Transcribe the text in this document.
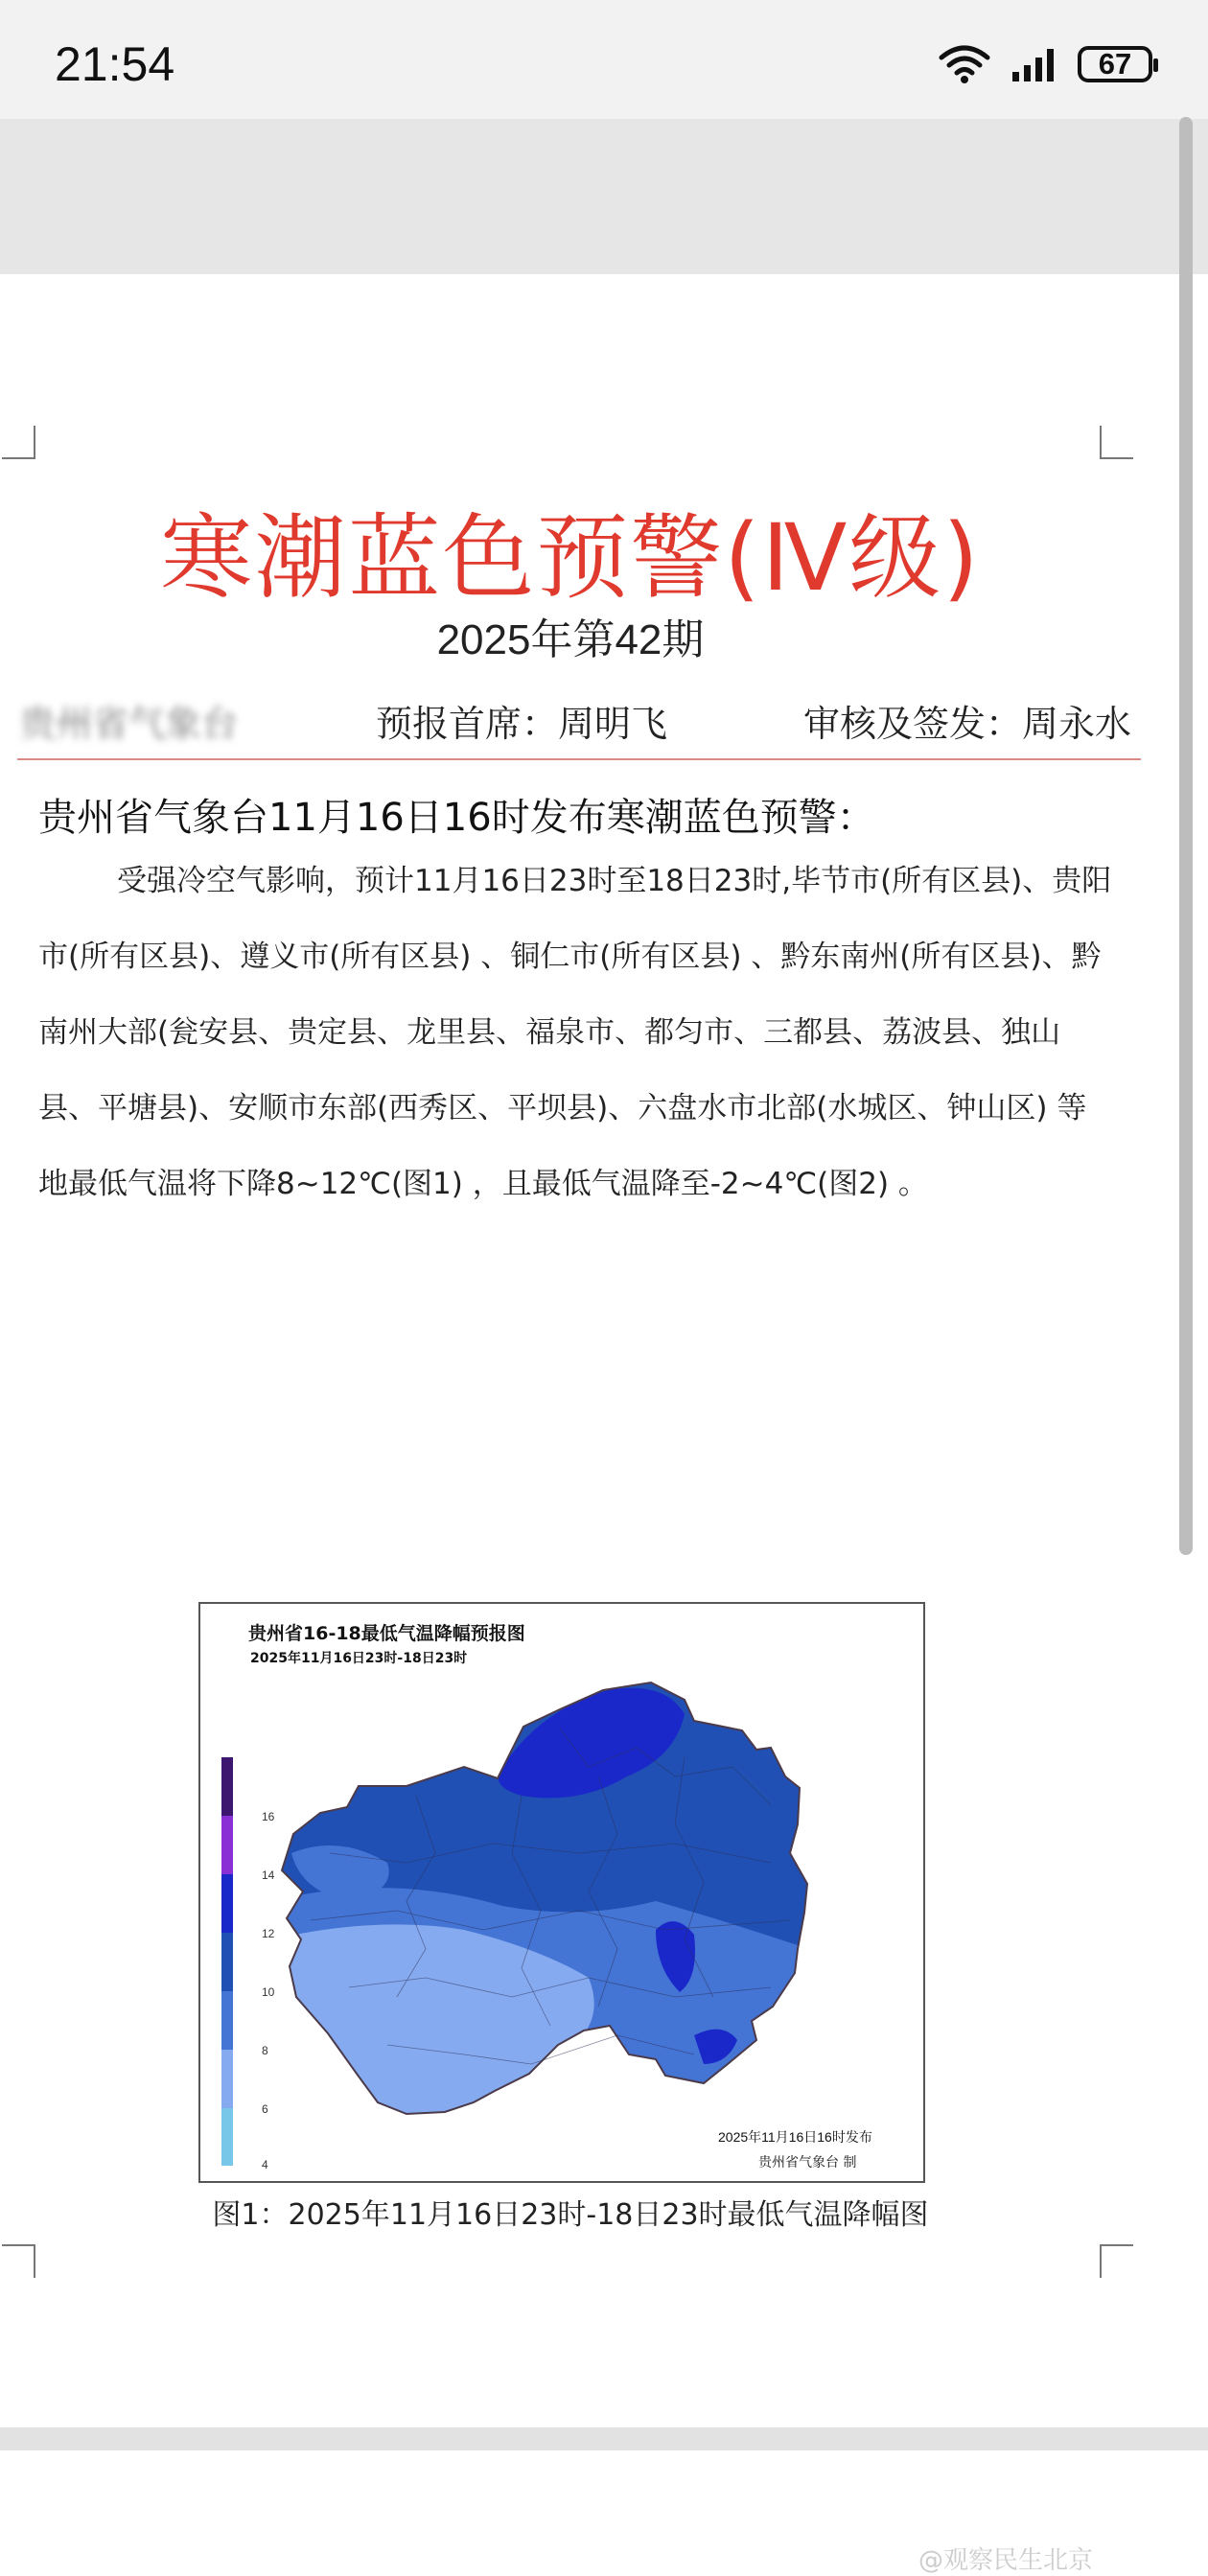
21:54	67
寒潮蓝色预警(Ⅳ级)
2025年第42期
贵州省气象台	预报首席：周明飞	审核及签发：周永水
贵州省气象台11月16日16时发布寒潮蓝色预警：
受强冷空气影响，预计11月16日23时至18日23时,毕节市(所有区县)、贵阳市(所有区县)、遵义市(所有区县) 、铜仁市(所有区县) 、黔东南州(所有区县)、黔南州大部(瓮安县、贵定县、龙里县、福泉市、都匀市、三都县、荔波县、独山县、平塘县)、安顺市东部(西秀区、平坝县)、六盘水市北部(水城区、钟山区) 等地最低气温将下降8~12℃(图1) ，且最低气温降至-2~4℃(图2) 。
贵州省16-18最低气温降幅预报图
2025年11月16日23时-18日23时
16
14
12
10
8
6
4
2025年11月16日16时发布
贵州省气象台 制
图1：2025年11月16日23时-18日23时最低气温降幅图
@观察民生北京
